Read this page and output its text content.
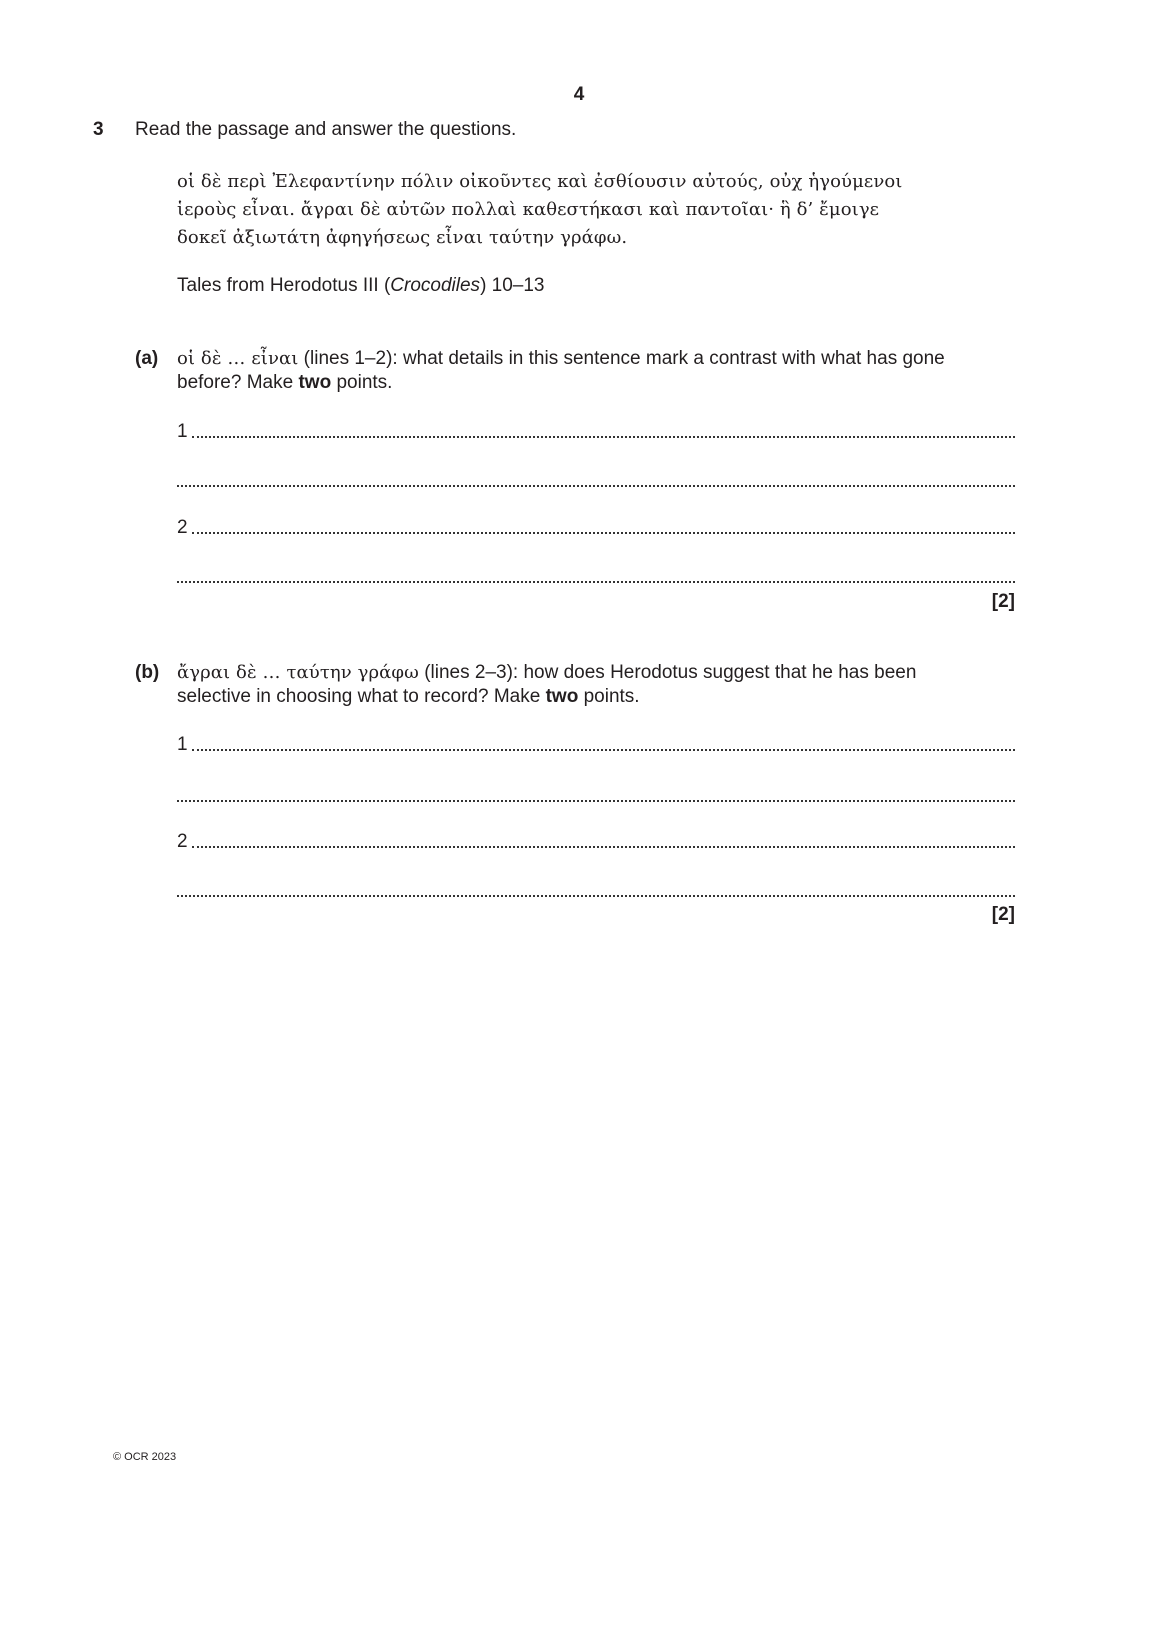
4
3 Read the passage and answer the questions.
οἱ δὲ περὶ Ἐλεφαντίνην πόλιν οἰκοῦντες καὶ ἐσθίουσιν αὐτούς, οὐχ ἡγούμενοι
ἱεροὺς εἶναι. ἄγραι δὲ αὐτῶν πολλαὶ καθεστήκασι καὶ παντοῖαι· ἣ δ’ ἔμοιγε
δοκεῖ ἀξιωτάτη ἀφηγήσεως εἶναι ταύτην γράφω.
Tales from Herodotus III (Crocodiles) 10–13
(a) οἱ δὲ … εἶναι (lines 1–2): what details in this sentence mark a contrast with what has gone
before? Make two points.
1
2
[2]
(b) ἄγραι δὲ … ταύτην γράφω (lines 2–3): how does Herodotus suggest that he has been
selective in choosing what to record? Make two points.
1
2
[2]
© OCR 2023
